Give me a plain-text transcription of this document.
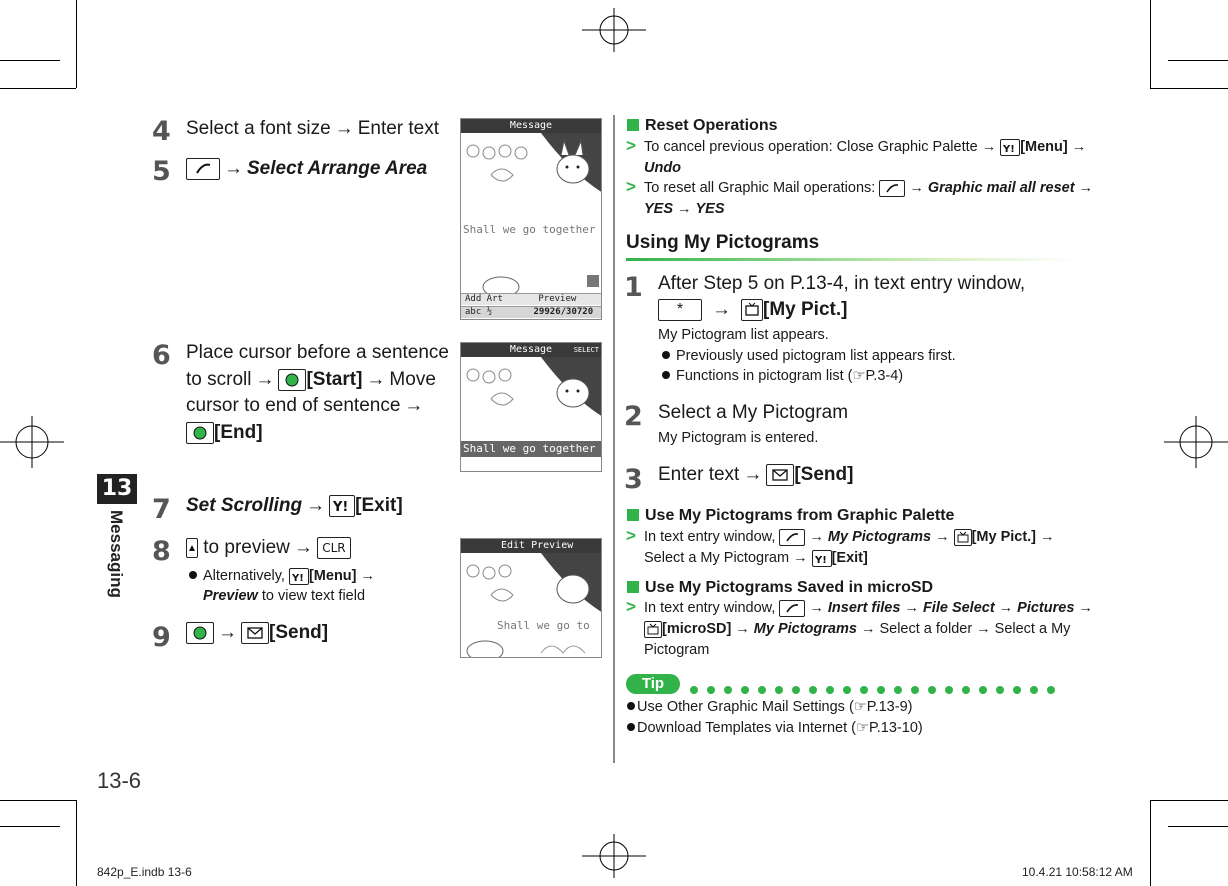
13
Messaging
13-6
4 Select a font size → Enter text
5	→ Select Arrange Area
6 Place cursor before a sentence
to scroll → [Start] → Move
cursor to end of sentence →
[End]
7 Set Scrolling → Y! [Exit]
8	to preview → CLR
Alternatively, Y! [Menu] →
Preview to view text field
9	→ [Send]
Message
Shall we go together
Add Art	Preview
abc ½	29926/30720
Message	SELECT
Shall we go together
Edit Preview
Shall we go to
Reset Operations
> To cancel previous operation: Close Graphic Palette → Y! [Menu] →
Undo
> To reset all Graphic Mail operations: → Graphic mail all reset →
YES → YES
Using My Pictograms
1 After Step 5 on P.13-4, in text entry window,
* → [My Pict.]
My Pictogram list appears.
Previously used pictogram list appears first.
Functions in pictogram list (☞P.3-4)
2 Select a My Pictogram
My Pictogram is entered.
3 Enter text → [Send]
Use My Pictograms from Graphic Palette
> In text entry window, → My Pictograms → [My Pict.] →
Select a My Pictogram → Y! [Exit]
Use My Pictograms Saved in microSD
> In text entry window, → Insert files → File Select → Pictures →
[microSD] → My Pictograms → Select a folder → Select a My
Pictogram
Tip
Use Other Graphic Mail Settings (☞P.13-9)
Download Templates via Internet (☞P.13-10)
842p_E.indb 13-6	10.4.21 10:58:12 AM
